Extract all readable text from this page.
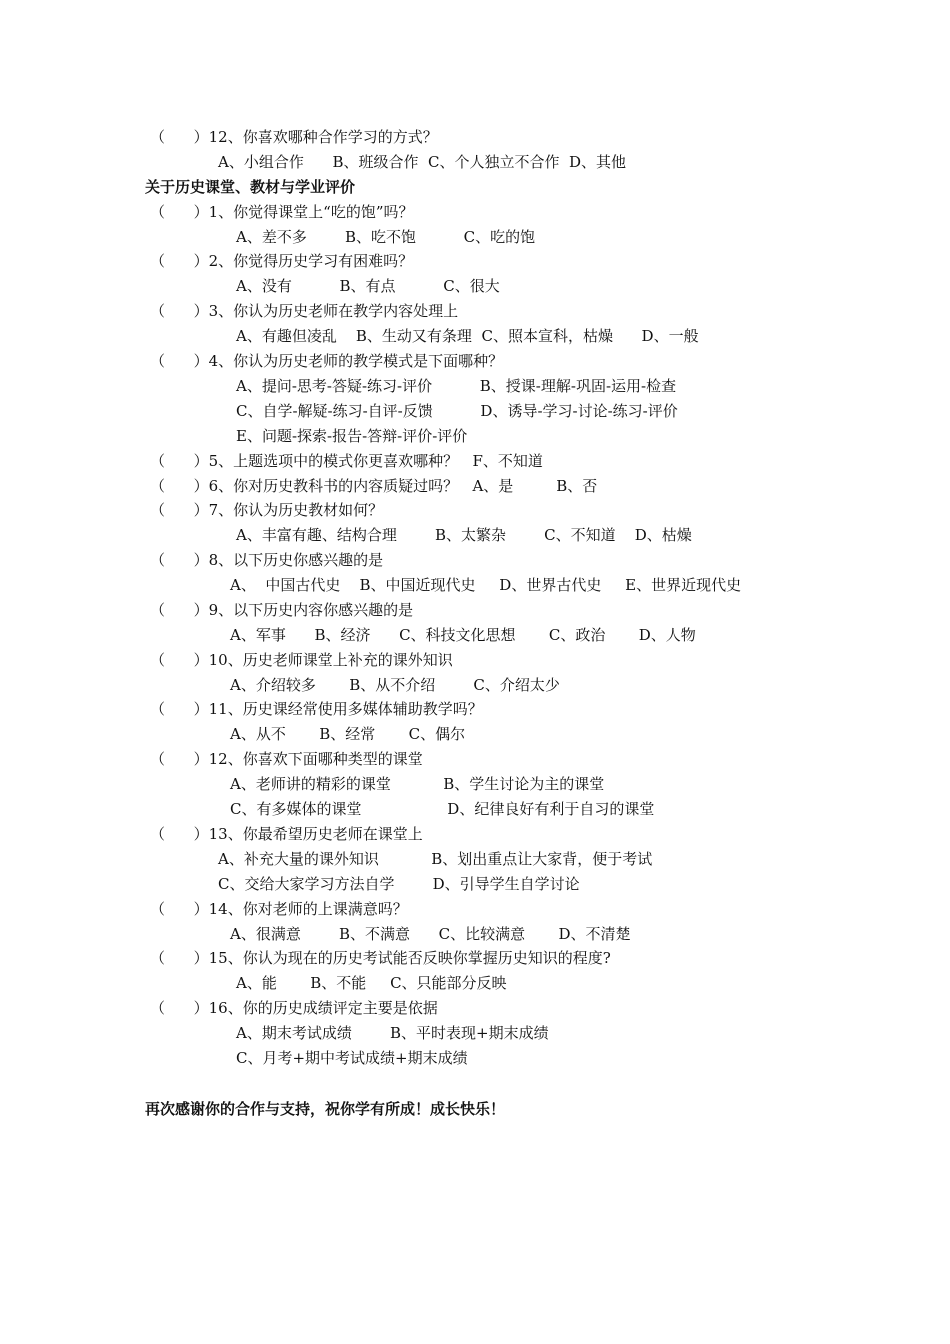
（      ）12、你喜欢哪种合作学习的方式？
A、小组合作      B、班级合作  C、个人独立不合作  D、其他
关于历史课堂、教材与学业评价
（      ）1、你觉得课堂上“吃的饱”吗？
A、差不多        B、吃不饱          C、吃的饱
（      ）2、你觉得历史学习有困难吗？
A、没有          B、有点          C、很大
（      ）3、你认为历史老师在教学内容处理上
A、有趣但凌乱    B、生动又有条理  C、照本宣科，枯燥      D、一般
（      ）4、你认为历史老师的教学模式是下面哪种？
A、提问-思考-答疑-练习-评价          B、授课-理解-巩固-运用-检查
C、自学-解疑-练习-自评-反馈          D、诱导-学习-讨论-练习-评价
E、问题-探索-报告-答辩-评价-评价
（      ）5、上题选项中的模式你更喜欢哪种？   F、不知道
（      ）6、你对历史教科书的内容质疑过吗？   A、是         B、否
（      ）7、你认为历史教材如何？
A、丰富有趣、结构合理        B、太繁杂        C、不知道    D、枯燥
（      ）8、以下历史你感兴趣的是
A、  中国古代史    B、中国近现代史     D、世界古代史     E、世界近现代史
（      ）9、以下历史内容你感兴趣的是
A、军事      B、经济      C、科技文化思想       C、政治       D、人物
（      ）10、历史老师课堂上补充的课外知识
A、介绍较多       B、从不介绍        C、介绍太少
（      ）11、历史课经常使用多媒体辅助教学吗？
A、从不       B、经常       C、偶尔
（      ）12、你喜欢下面哪种类型的课堂
A、老师讲的精彩的课堂           B、学生讨论为主的课堂
C、有多媒体的课堂                  D、纪律良好有利于自习的课堂
（      ）13、你最希望历史老师在课堂上
A、补充大量的课外知识           B、划出重点让大家背，便于考试
C、交给大家学习方法自学        D、引导学生自学讨论
（      ）14、你对老师的上课满意吗？
A、很满意        B、不满意      C、比较满意       D、不清楚
（      ）15、你认为现在的历史考试能否反映你掌握历史知识的程度?
A、能       B、不能     C、只能部分反映
（      ）16、你的历史成绩评定主要是依据
A、期末考试成绩        B、平时表现+期末成绩
C、月考+期中考试成绩+期末成绩
再次感谢你的合作与支持，祝你学有所成！成长快乐！
